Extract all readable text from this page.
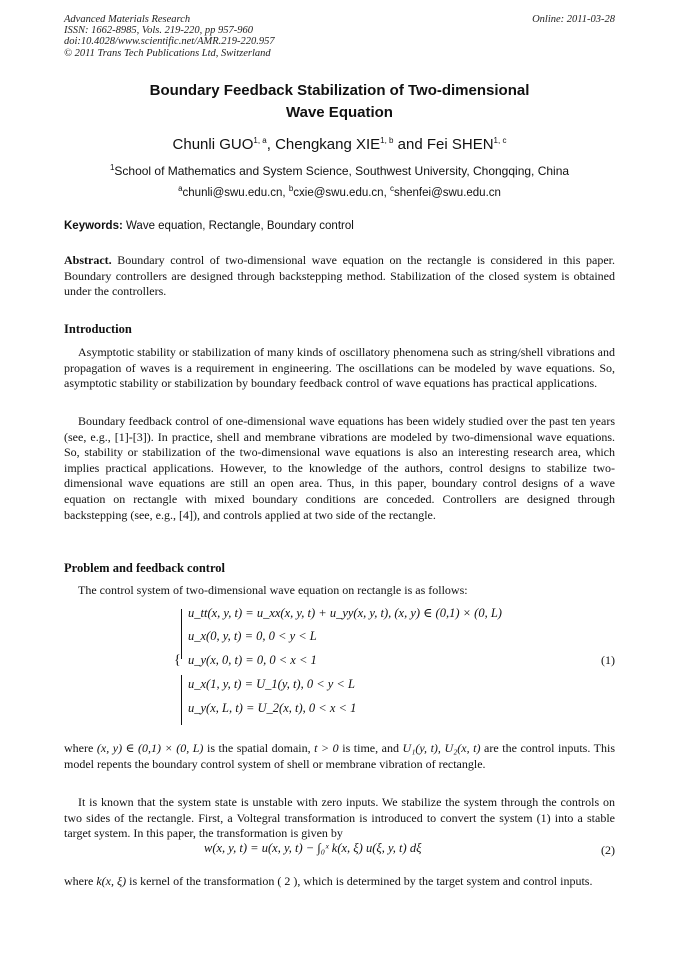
Advanced Materials Research
ISSN: 1662-8985, Vols. 219-220, pp 957-960
doi:10.4028/www.scientific.net/AMR.219-220.957
© 2011 Trans Tech Publications Ltd, Switzerland
Online: 2011-03-28
Boundary Feedback Stabilization of Two-dimensional
Wave Equation
Chunli GUO$^{1, a}$, Chengkang XIE$^{1, b}$ and Fei SHEN$^{1, c}$
$^1$School of Mathematics and System Science, Southwest University, Chongqing, China
$^a$chunli@swu.edu.cn, $^b$cxie@swu.edu.cn, $^c$shenfei@swu.edu.cn
Keywords: Wave equation, Rectangle, Boundary control

Abstract. Boundary control of two-dimensional wave equation on the rectangle is considered in this paper. Boundary controllers are designed through backstepping method. Stabilization of the closed system is obtained under the controllers.

Introduction

Asymptotic stability or stabilization of many kinds of oscillatory phenomena such as string/shell vibrations and propagation of waves is a requirement in engineering. The oscillations can be modeled by wave equations. So, asymptotic stability or stabilization by boundary feedback control of wave equations has practical applications.

Boundary feedback control of one-dimensional wave equations has been widely studied over the past ten years (see, e.g., [1]-[3]). In practice, shell and membrane vibrations are modeled by two-dimensional wave equations. So, stability or stabilization of the two-dimensional wave equations is also an interesting research area, which implies practical applications. However, to the knowledge of the authors, control designs to stabilize two-dimensional wave equations are still an open area. Thus, in this paper, boundary control designs of a wave equation on rectangle with mixed boundary conditions are conceded. Controllers are designed through backstepping (see, e.g., [4]), and controls applied at two side of the rectangle.

Problem and feedback control

The control system of two-dimensional wave equation on rectangle is as follows:

{
u_tt(x, y, t) = u_xx(x, y, t) + u_yy(x, y, t), (x, y) ∈ (0,1) × (0, L)
u_x(0, y, t) = 0, 0 < y < L
u_y(x, 0, t) = 0, 0 < x < 1
u_x(1, y, t) = U_1(y, t), 0 < y < L
u_y(x, L, t) = U_2(x, t), 0 < x < 1
(1)

where (x, y) ∈ (0,1) × (0, L) is the spatial domain, t > 0 is time, and U₁(y, t), U₂(x, t) are the control inputs. This model repents the boundary control system of shell or membrane vibration of rectangle.

It is known that the system state is unstable with zero inputs. We stabilize the system through the controls on two sides of the rectangle. First, a Voltegral transformation is introduced to convert the system (1) into a stable target system. In this paper, the transformation is given by

w(x, y, t) = u(x, y, t) − ∫₀ˣ k(x, ξ) u(ξ, y, t) dξ	(2)

where k(x, ξ) is kernel of the transformation ( 2 ), which is determined by the target system and control inputs.
